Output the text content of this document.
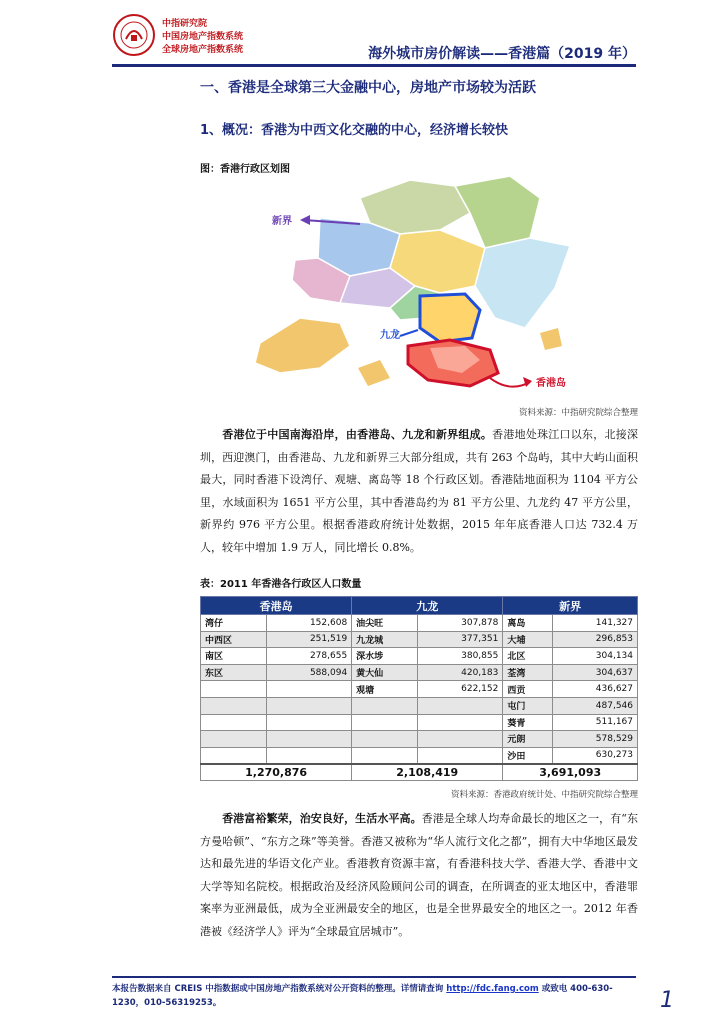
中指研究院
中国房地产指数系统
全球房地产指数系统	海外城市房价解读——香港篇（2019 年）
一、香港是全球第三大金融中心，房地产市场较为活跃
1、概况：香港为中西文化交融的中心，经济增长较快
图：香港行政区划图
新界
九龙
香港岛
资料来源：中指研究院综合整理
香港位于中国南海沿岸，由香港岛、九龙和新界组成。香港地处珠江口以东，北接深圳，西迎澳门，由香港岛、九龙和新界三大部分组成，共有 263 个岛屿，其中大屿山面积最大，同时香港下设湾仔、观塘、离岛等 18 个行政区划。香港陆地面积为 1104 平方公里，水域面积为 1651 平方公里，其中香港岛约为 81 平方公里、九龙约 47 平方公里，新界约 976 平方公里。根据香港政府统计处数据，2015 年年底香港人口达 732.4 万人，较年中增加 1.9 万人，同比增长 0.8%。
表：2011 年香港各行政区人口数量
香港岛		九龙		新界	
湾仔	152,608	油尖旺	307,878	离岛	141,327
中西区	251,519	九龙城	377,351	大埔	296,853
南区	278,655	深水埗	380,855	北区	304,134
东区	588,094	黄大仙	420,183	荃湾	304,637
		观塘	622,152	西贡	436,627
				屯门	487,546
				葵青	511,167
				元朗	578,529
				沙田	630,273
1,270,876		2,108,419		3,691,093	
资料来源：香港政府统计处、中指研究院综合整理
香港富裕繁荣，治安良好，生活水平高。香港是全球人均寿命最长的地区之一，有“东方曼哈顿”、“东方之珠”等美誉。香港又被称为“华人流行文化之都”，拥有大中华地区最发达和最先进的华语文化产业。香港教育资源丰富，有香港科技大学、香港大学、香港中文大学等知名院校。根据政治及经济风险顾问公司的调查，在所调查的亚太地区中，香港罪案率为亚洲最低，成为全亚洲最安全的地区，也是全世界最安全的地区之一。2012 年香港被《经济学人》评为“全球最宜居城市”。
本报告数据来自 CREIS 中指数据或中国房地产指数系统对公开资料的整理。详情请查询 http://fdc.fang.com 或致电 400-630-1230，010-56319253。	1
